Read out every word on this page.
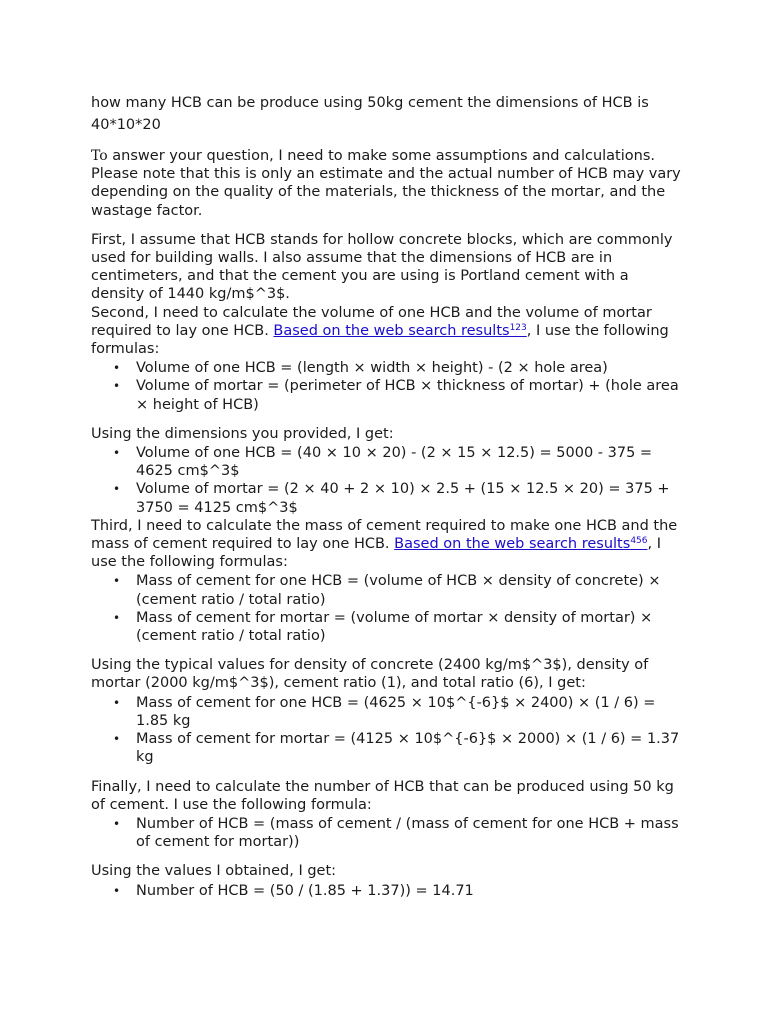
how many HCB can be produce using 50kg cement the dimensions of HCB is 40*10*20

To answer your question, I need to make some assumptions and calculations. Please note that this is only an estimate and the actual number of HCB may vary depending on the quality of the materials, the thickness of the mortar, and the wastage factor.

First, I assume that HCB stands for hollow concrete blocks, which are commonly used for building walls. I also assume that the dimensions of HCB are in centimeters, and that the cement you are using is Portland cement with a density of 1440 kg/m$^3$.

Second, I need to calculate the volume of one HCB and the volume of mortar required to lay one HCB. Based on the web search results$^{123}$, I use the following formulas:

• Volume of one HCB = (length × width × height) - (2 × hole area)
• Volume of mortar = (perimeter of HCB × thickness of mortar) + (hole area × height of HCB)

Using the dimensions you provided, I get:

• Volume of one HCB = (40 × 10 × 20) - (2 × 15 × 12.5) = 5000 - 375 = 4625 cm$^3$
• Volume of mortar = (2 × 40 + 2 × 10) × 2.5 + (15 × 12.5 × 20) = 375 + 3750 = 4125 cm$^3$

Third, I need to calculate the mass of cement required to make one HCB and the mass of cement required to lay one HCB. Based on the web search results$^{456}$, I use the following formulas:

• Mass of cement for one HCB = (volume of HCB × density of concrete) × (cement ratio / total ratio)
• Mass of cement for mortar = (volume of mortar × density of mortar) × (cement ratio / total ratio)

Using the typical values for density of concrete (2400 kg/m$^3$), density of mortar (2000 kg/m$^3$), cement ratio (1), and total ratio (6), I get:

• Mass of cement for one HCB = (4625 × 10$^{-6}$ × 2400) × (1 / 6) = 1.85 kg
• Mass of cement for mortar = (4125 × 10$^{-6}$ × 2000) × (1 / 6) = 1.37 kg

Finally, I need to calculate the number of HCB that can be produced using 50 kg of cement. I use the following formula:

• Number of HCB = (mass of cement / (mass of cement for one HCB + mass of cement for mortar))

Using the values I obtained, I get:

• Number of HCB = (50 / (1.85 + 1.37)) = 14.71
